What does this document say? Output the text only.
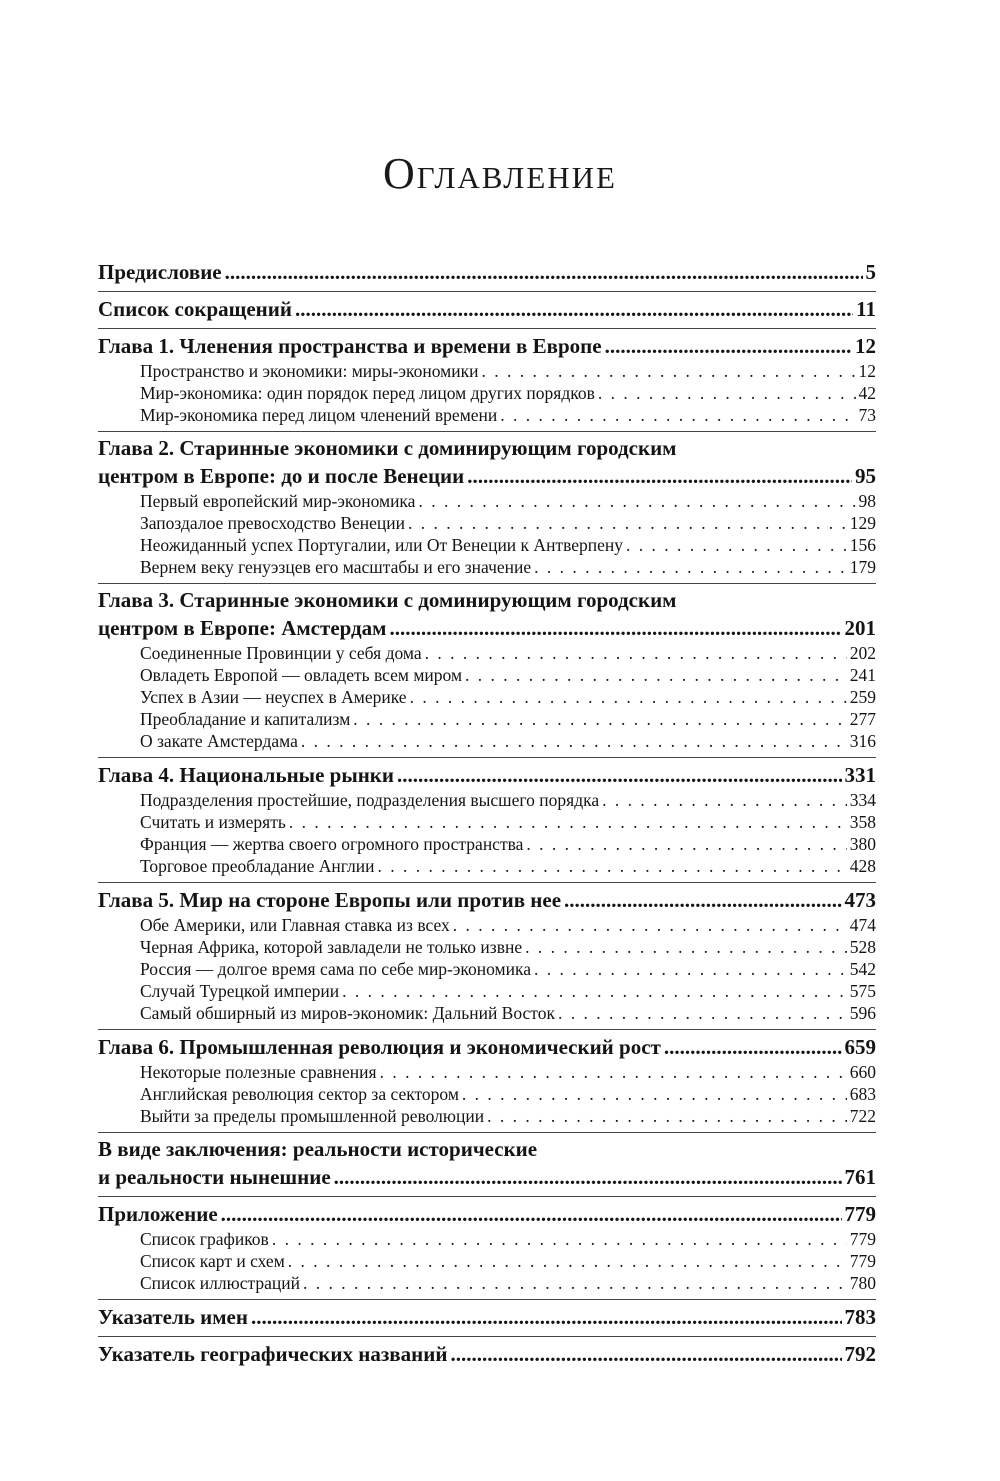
Оглавление
Предисловие .....	5
Список сокращений .....	11
Глава 1. Членения пространства и времени в Европе .....	12
Пространство и экономики: миры-экономики . . .	12
Мир-экономика: один порядок перед лицом других порядков . . .	42
Мир-экономика перед лицом членений времени . . .	73
Глава 2. Старинные экономики с доминирующим городским
центром в Европе: до и после Венеции .....	95
Первый европейский мир-экономика . . .	98
Запоздалое превосходство Венеции . . .	129
Неожиданный успех Португалии, или От Венеции к Антверпену . . .	156
Вернем веку генуэзцев его масштабы и его значение . . .	179
Глава 3. Старинные экономики с доминирующим городским
центром в Европе: Амстердам .....	201
Соединенные Провинции у себя дома . . .	202
Овладеть Европой — овладеть всем миром . . .	241
Успех в Азии — неуспех в Америке . . .	259
Преобладание и капитализм . . .	277
О закате Амстердама . . .	316
Глава 4. Национальные рынки .....	331
Подразделения простейшие, подразделения высшего порядка . . .	334
Считать и измерять . . .	358
Франция — жертва своего огромного пространства . . .	380
Торговое преобладание Англии . . .	428
Глава 5. Мир на стороне Европы или против нее .....	473
Обе Америки, или Главная ставка из всех . . .	474
Черная Африка, которой завладели не только извне . . .	528
Россия — долгое время сама по себе мир-экономика . . .	542
Случай Турецкой империи . . .	575
Самый обширный из миров-экономик: Дальний Восток . . .	596
Глава 6. Промышленная революция и экономический рост .....	659
Некоторые полезные сравнения . . .	660
Английская революция сектор за сектором . . .	683
Выйти за пределы промышленной революции . . .	722
В виде заключения: реальности исторические
и реальности нынешние .....	761
Приложение .....	779
Список графиков . . .	779
Список карт и схем . . .	779
Список иллюстраций . . .	780
Указатель имен .....	783
Указатель географических названий .....	792
